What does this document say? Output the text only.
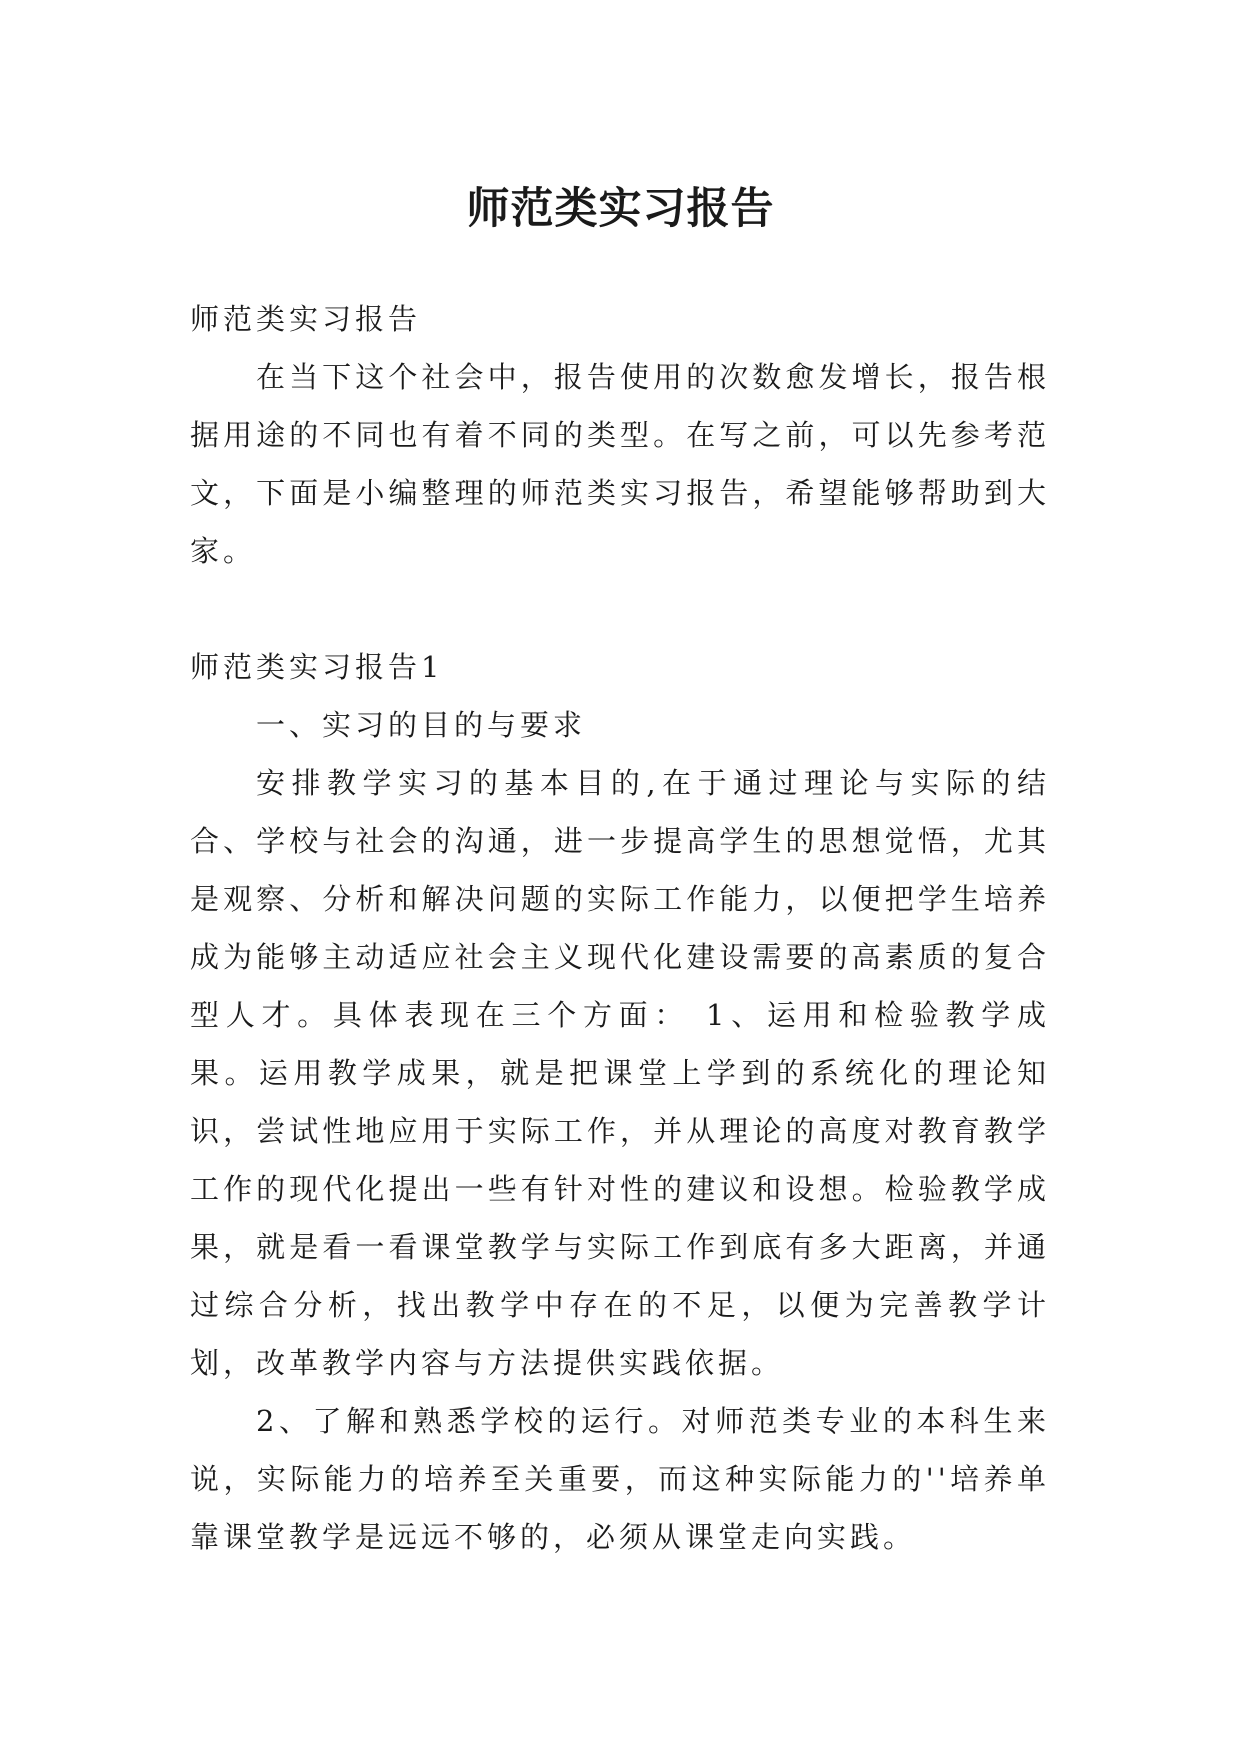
师范类实习报告

师范类实习报告

在当下这个社会中，报告使用的次数愈发增长，报告根据用途的不同也有着不同的类型。在写之前，可以先参考范文，下面是小编整理的师范类实习报告，希望能够帮助到大家。

师范类实习报告1

一、实习的目的与要求

安排教学实习的基本目的,在于通过理论与实际的结合、学校与社会的沟通，进一步提高学生的思想觉悟，尤其是观察、分析和解决问题的实际工作能力，以便把学生培养成为能够主动适应社会主义现代化建设需要的高素质的复合型人才。具体表现在三个方面： 1、运用和检验教学成果。运用教学成果，就是把课堂上学到的系统化的理论知识，尝试性地应用于实际工作，并从理论的高度对教育教学工作的现代化提出一些有针对性的建议和设想。检验教学成果，就是看一看课堂教学与实际工作到底有多大距离，并通过综合分析，找出教学中存在的不足，以便为完善教学计划，改革教学内容与方法提供实践依据。

2、了解和熟悉学校的运行。对师范类专业的本科生来说，实际能力的培养至关重要，而这种实际能力的''培养单靠课堂教学是远远不够的，必须从课堂走向实践。
